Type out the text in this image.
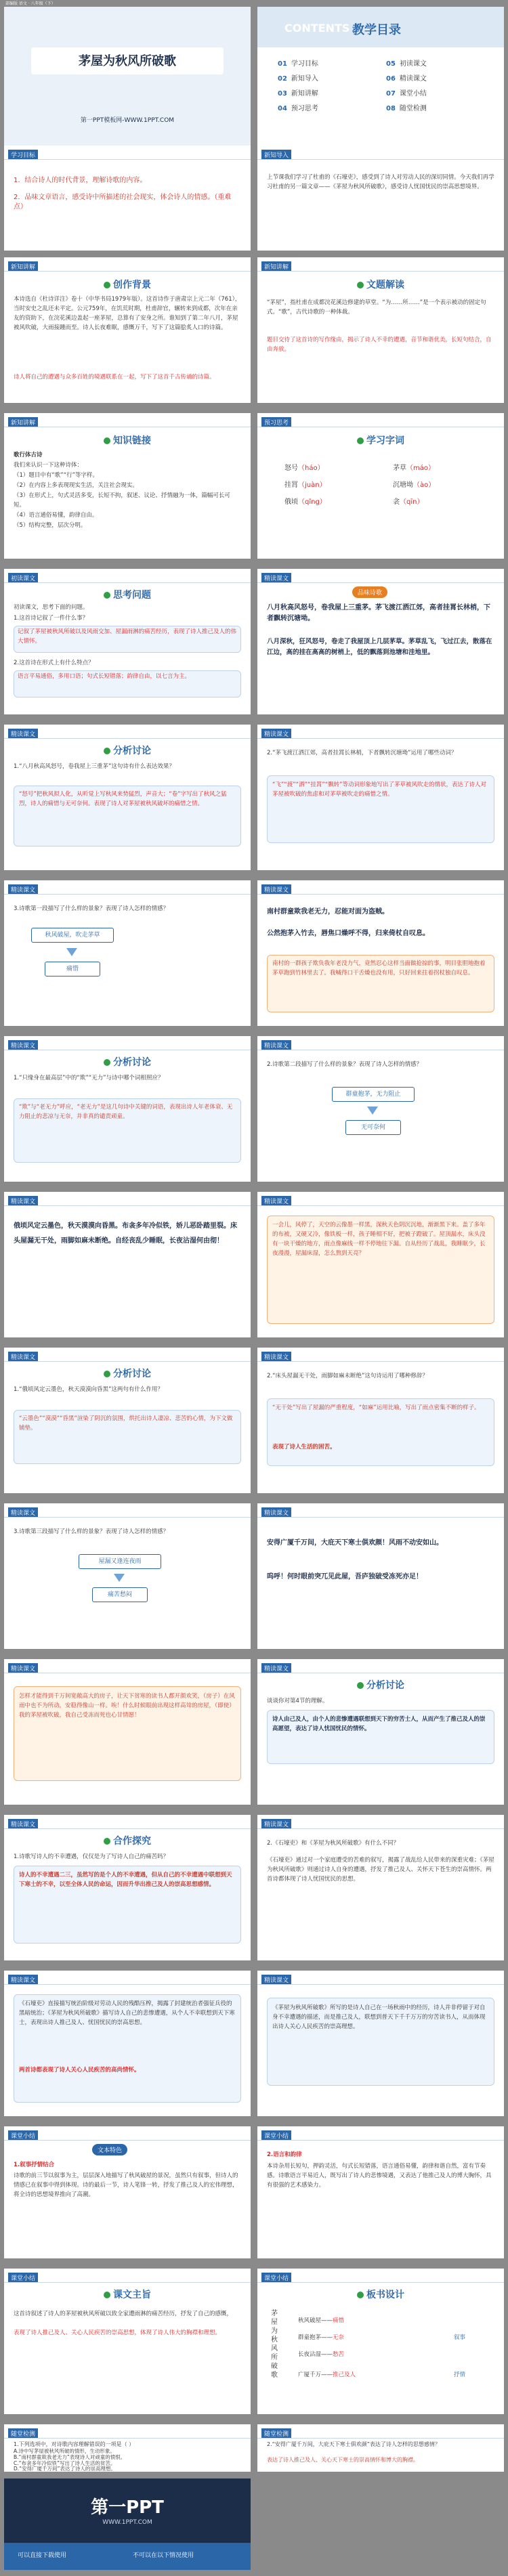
部编版 语文 · 八年级（下）
茅屋为秋风所破歌
第一PPT模板网-WWW.1PPT.COM
CONTENTS 教学目录
01 学习目标
02 新知导入
03 新知讲解
04 预习思考
05 初读课文
06 精读课文
07 课堂小结
08 随堂检测
学习目标
1．结合诗人的时代背景，理解诗歌的内容。
2．品味文章语言，感受诗中所描述的社会现实，体会诗人的情感。（重难点）
新知导入
上节课我们学习了杜甫的《石壕吏》，感受到了诗人对劳动人民的深切同情。今天我们再学习杜甫的另一篇文章——《茅屋为秋风所破歌》，感受诗人忧国忧民的崇高思想境界。
新知讲解
创作背景
本诗选自《杜诗详注》卷十（中华书局1979年版）。这首诗作于唐肃宗上元二年（761），当时安史之乱还未平定。公元759年，在饥荒时期，杜甫辞官，辗转来到成都，次年在亲友的资助下，在浣花溪边盖起一座茅屋，总算有了安身之所。谁知到了第二年八月，茅屋被风吹破，大雨接踵而至。诗人长夜难眠，感慨万千，写下了这篇脍炙人口的诗篇。
诗人将自己的遭遇与众多百姓的境遇联系在一起，写下了这首千古传诵的诗篇。
新知讲解
文题解读
“茅屋”，指杜甫在成都浣花溪边修建的草堂。“为……所……”是一个表示被动的固定句式。“歌”，古代诗歌的一种体裁。
题目交待了这首诗的写作缘由，揭示了诗人不幸的遭遇，音节和谐优美，长短句结合，自由奔放。
新知讲解
知识链接
歌行体古诗
我们来认识一下这种诗体：
（1）题目中有“歌”“行”等字样。
（2）在内容上多表现现实生活，关注社会现实。
（3）在形式上，句式灵活多变，长短不拘，叙述、议论、抒情融为一体，篇幅可长可短。
（4）语言通俗易懂，韵律自由。
（5）结构完整，层次分明。
预习思考
学习字词
怒号（háo）	茅草（máo）
挂罥（juàn）	沉塘坳（ào）
俄顷（qǐng）	衾（qīn）
初读课文
思考问题
初读课文，思考下面的问题。
1.这首诗记叙了一件什么事？
记叙了茅屋被秋风所破以及风雨交加、屋漏雨淋的痛苦经历，表现了诗人推己及人的伟大情怀。
2.这首诗在形式上有什么特点？
语言平易通俗，多用口语；句式长短错落；韵律自由，以七言为主。
精读课文
品味诗歌
八月秋高风怒号，卷我屋上三重茅。茅飞渡江洒江郊，高者挂罥长林梢，下者飘转沉塘坳。
八月深秋，狂风怒号，卷走了我屋顶上几层茅草。茅草乱飞，飞过江去，散落在江边，高的挂在高高的树梢上，低的飘落到池塘和洼地里。
精读课文
分析讨论
1.“八月秋高风怒号，卷我屋上三重茅”这句诗有什么表达效果？
“怒号”把秋风拟人化，从听觉上写秋风来势猛烈，声音大；“卷”字写出了秋风之猛烈，诗人的痛惜与无可奈何。表现了诗人对茅屋被秋风破坏的痛惜之情。
精读课文
2.“茅飞渡江洒江郊，高者挂罥长林梢，下者飘转沉塘坳”运用了哪些动词？
“飞”“渡”“洒”“挂罥”“飘转”等动词形象地写出了茅草被风吹走的情状，表达了诗人对茅屋被吹破的焦虑和对茅草被吹走的痛惜之情。
精读课文
3.诗歌第一段描写了什么样的景象？表现了诗人怎样的情感？
秋风破屋，吹走茅草
痛惜
精读课文
南村群童欺我老无力，忍能对面为盗贼。
公然抱茅入竹去，唇焦口燥呼不得，归来倚杖自叹息。
南村的一群孩子欺负我年老没力气，竟然忍心这样当面做抢掠的事，明目张胆地抱着茅草跑到竹林里去了。我喊得口干舌燥也没有用，只好回来拄着拐杖独自叹息。
精读课文
分析讨论
1.“只缘身在最高层”中的“欺”“无力”与诗中哪个词相照应？
“欺”与“老无力”呼应，“老无力”是这几句诗中关键的词语，表现出诗人年老体衰、无力阻止的悲凉与无奈，并非真的谴责顽童。
精读课文
2.诗歌第二段描写了什么样的景象？表现了诗人怎样的情感？
群童抱茅，无力阻止
无可奈何
精读课文
俄顷风定云墨色，秋天漠漠向昏黑。布衾多年冷似铁，娇儿恶卧踏里裂。床头屋漏无干处，雨脚如麻未断绝。自经丧乱少睡眠，长夜沾湿何由彻！
精读课文
一会儿，风停了，天空的云像墨一样黑，深秋天色阴沉沉地，渐渐黑下来。盖了多年的布被，又硬又冷，像铁板一样，孩子睡相不好，把被子蹬破了。屋顶漏水，床头没有一块干燥的地方，雨点像麻线一样不停地往下漏。自从经历了战乱，我睡眠少，长夜漫漫，屋漏床湿，怎么熬到天亮？
精读课文
分析讨论
1.“俄顷风定云墨色，秋天漠漠向昏黑”这两句有什么作用？
“云墨色”“漠漠”“昏黑”渲染了阴沉的氛围，烘托出诗人凄凉、悲苦的心情，为下文做铺垫。
精读课文
2.“床头屋漏无干处，雨脚如麻未断绝”这句诗运用了哪种修辞？
“无干处”写出了屋漏的严重程度，“如麻”运用比喻，写出了雨点密集不断的样子。
表现了诗人生活的困苦。
精读课文
3.诗歌第三段描写了什么样的景象？表现了诗人怎样的情感？
屋漏又逢连夜雨
痛苦愁闷
精读课文
安得广厦千万间，大庇天下寒士俱欢颜！风雨不动安如山。
呜呼！何时眼前突兀见此屋，吾庐独破受冻死亦足！
精读课文
怎样才能得到千万间宽敞高大的房子，让天下贫寒的读书人都开颜欢笑，（房子）在风雨中也不为所动，安稳得像山一样。唉！什么时候眼前出现这样高耸的房屋，（即使）我的茅屋被吹破，我自己受冻而死也心甘情愿！
精读课文
分析讨论
谈谈你对第4节的理解。
诗人由己及人，由个人的悲惨遭遇联想到天下的穷苦士人，从而产生了推己及人的崇高愿望，表达了诗人忧国忧民的情怀。
精读课文
合作探究
1.诗歌写诗人的不幸遭遇，仅仅是为了写诗人自己的痛苦吗？
诗人的不幸遭遇二三，虽然写的是个人的不幸遭遇，但从自己的不幸遭遇中联想到天下寒士的不幸，以至全体人民的命运，因而升华出推己及人的崇高思想感情。
精读课文
2.《石壕吏》和《茅屋为秋风所破歌》有什么不同？
《石壕吏》通过对一个家庭遭受的苦难的叙写，揭露了战乱给人民带来的深重灾难；《茅屋为秋风所破歌》则通过诗人自身的遭遇，抒发了推己及人、关怀天下苍生的崇高情怀。两首诗都体现了诗人忧国忧民的思想。
精读课文
《石壕吏》直接描写统治阶级对劳动人民的残酷压榨，揭露了封建统治者强征兵役的黑暗统治；《茅屋为秋风所破歌》描写诗人自己的悲惨遭遇，从个人不幸联想到天下寒士，表现出诗人推己及人、忧国忧民的崇高思想。
两首诗都表现了诗人关心人民疾苦的高尚情怀。
精读课文
《茅屋为秋风所破歌》所写的是诗人自己在一场秋雨中的经历，诗人并非停留于对自身不幸遭遇的描述，而是推己及人，联想到普天下千千万万的穷苦读书人，从而体现出诗人关心人民疾苦的崇高理想。
课堂小结
文本特色
1.叙事抒情结合
诗歌的前三节以叙事为主，层层深入地描写了秋风破屋的景况，虽然只有叙事，但诗人的情感已在叙事中得到体现。诗的最后一节，诗人笔锋一转，抒发了推己及人的宏伟理想，将全诗的思想境界推向了高潮。
课堂小结
2.语言和韵律
本诗杂用长短句，押韵灵活，句式长短错落，语言通俗易懂，韵律和谐自然，富有节奏感。诗歌语言平易近人，既写出了诗人的悲惨境遇，又表达了他推己及人的博大胸怀，具有很强的艺术感染力。
课堂小结
课文主旨
这首诗叙述了诗人的茅屋被秋风所破以致全家遭雨淋的痛苦经历，抒发了自己的感慨，
表现了诗人推己及人、关心人民疾苦的崇高思想，体现了诗人伟大的胸襟和理想。
课堂小结
板书设计
茅屋为秋风所破歌
秋风破屋——痛惜
群童抱茅——无奈
长夜沾湿——愁苦
广厦千万——推己及人
叙事
抒情
随堂检测
1.下列选项中，对诗歌内容理解错误的一项是（ ）
A.诗中写茅屋被秋风所破的情形，生动形象。
B.“南村群童欺我老无力”表现诗人对顽童的愤恨。
C.“布衾多年冷似铁”写出了诗人生活的贫苦。
D.“安得广厦千万间”表达了诗人的崇高理想。
随堂检测
2.“安得广厦千万间，大庇天下寒士俱欢颜”表达了诗人怎样的思想感情？
表达了诗人推己及人、关心天下寒士的崇高情怀和博大的胸襟。
第一PPT
WWW.1PPT.COM
可以直接下载使用	不可以在以下情况使用
